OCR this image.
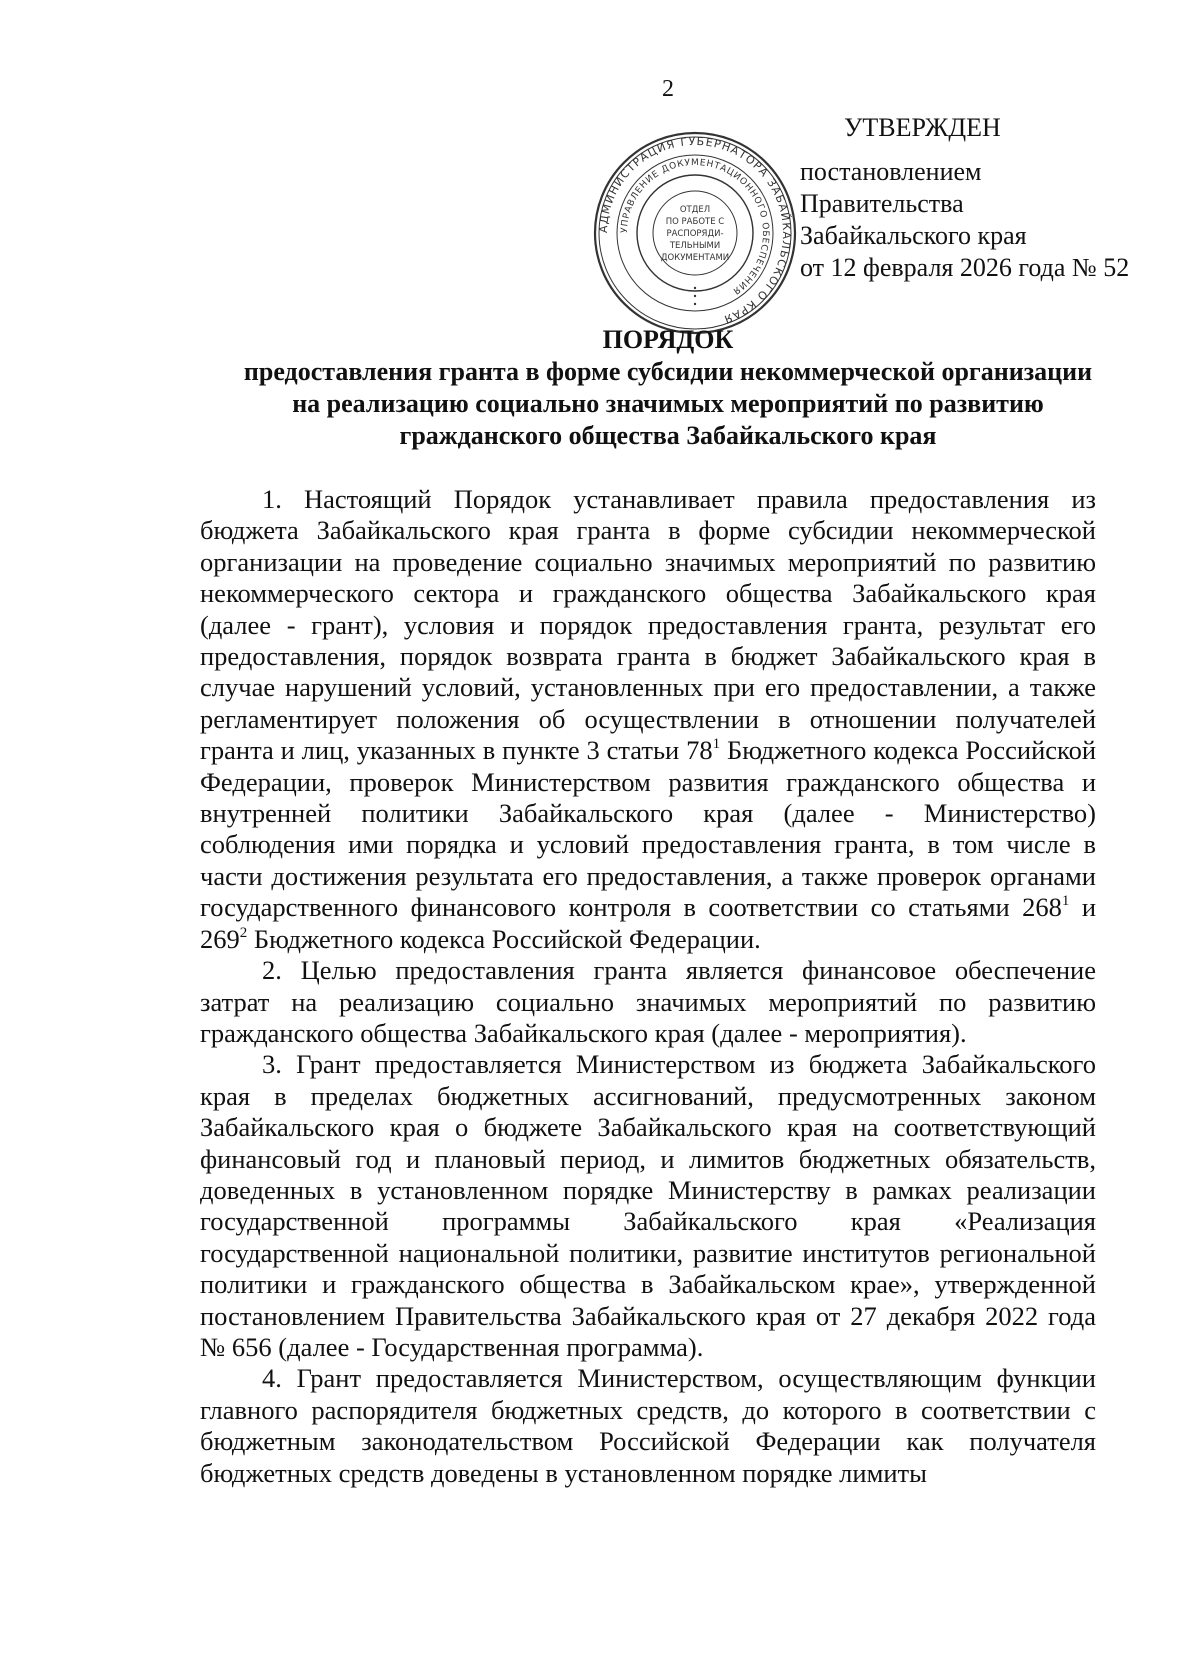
2
УТВЕРЖДЕН
постановлением Правительства
Забайкальского края
от 12 февраля 2026 года № 52
АДМИНИСТРАЦИЯ ГУБЕРНАТОРА ЗАБАЙКАЛЬСКОГО КРАЯ
УПРАВЛЕНИЕ ДОКУМЕНТАЦИОННОГО ОБЕСПЕЧЕНИЯ
ОТДЕЛ
ПО РАБОТЕ С
РАСПОРЯДИ-
ТЕЛЬНЫМИ
ДОКУМЕНТАМИ
ПОРЯДОК
предоставления гранта в форме субсидии некоммерческой организации
на реализацию социально значимых мероприятий по развитию
гражданского общества Забайкальского края

1. Настоящий Порядок устанавливает правила предоставления из бюджета Забайкальского края гранта в форме субсидии некоммерческой организации на проведение социально значимых мероприятий по развитию некоммерческого сектора и гражданского общества Забайкальского края (далее - грант), условия и порядок предоставления гранта, результат его предоставления, порядок возврата гранта в бюджет Забайкальского края в случае нарушений условий, установленных при его предоставлении, а также регламентирует положения об осуществлении в отношении получателей гранта и лиц, указанных в пункте 3 статьи $78^1$ Бюджетного кодекса Российской Федерации, проверок Министерством развития гражданского общества и внутренней политики Забайкальского края (далее - Министерство) соблюдения ими порядка и условий предоставления гранта, в том числе в части достижения результата его предоставления, а также проверок органами государственного финансового контроля в соответствии со статьями $268^1$ и $269^2$ Бюджетного кодекса Российской Федерации.

2. Целью предоставления гранта является финансовое обеспечение затрат на реализацию социально значимых мероприятий по развитию гражданского общества Забайкальского края (далее - мероприятия).

3. Грант предоставляется Министерством из бюджета Забайкальского края в пределах бюджетных ассигнований, предусмотренных законом Забайкальского края о бюджете Забайкальского края на соответствующий финансовый год и плановый период, и лимитов бюджетных обязательств, доведенных в установленном порядке Министерству в рамках реализации государственной программы Забайкальского края «Реализация государственной национальной политики, развитие институтов региональной политики и гражданского общества в Забайкальском крае», утвержденной постановлением Правительства Забайкальского края от 27 декабря 2022 года № 656 (далее - Государственная программа).

4. Грант предоставляется Министерством, осуществляющим функции главного распорядителя бюджетных средств, до которого в соответствии с бюджетным законодательством Российской Федерации как получателя бюджетных средств доведены в установленном порядке лимиты
